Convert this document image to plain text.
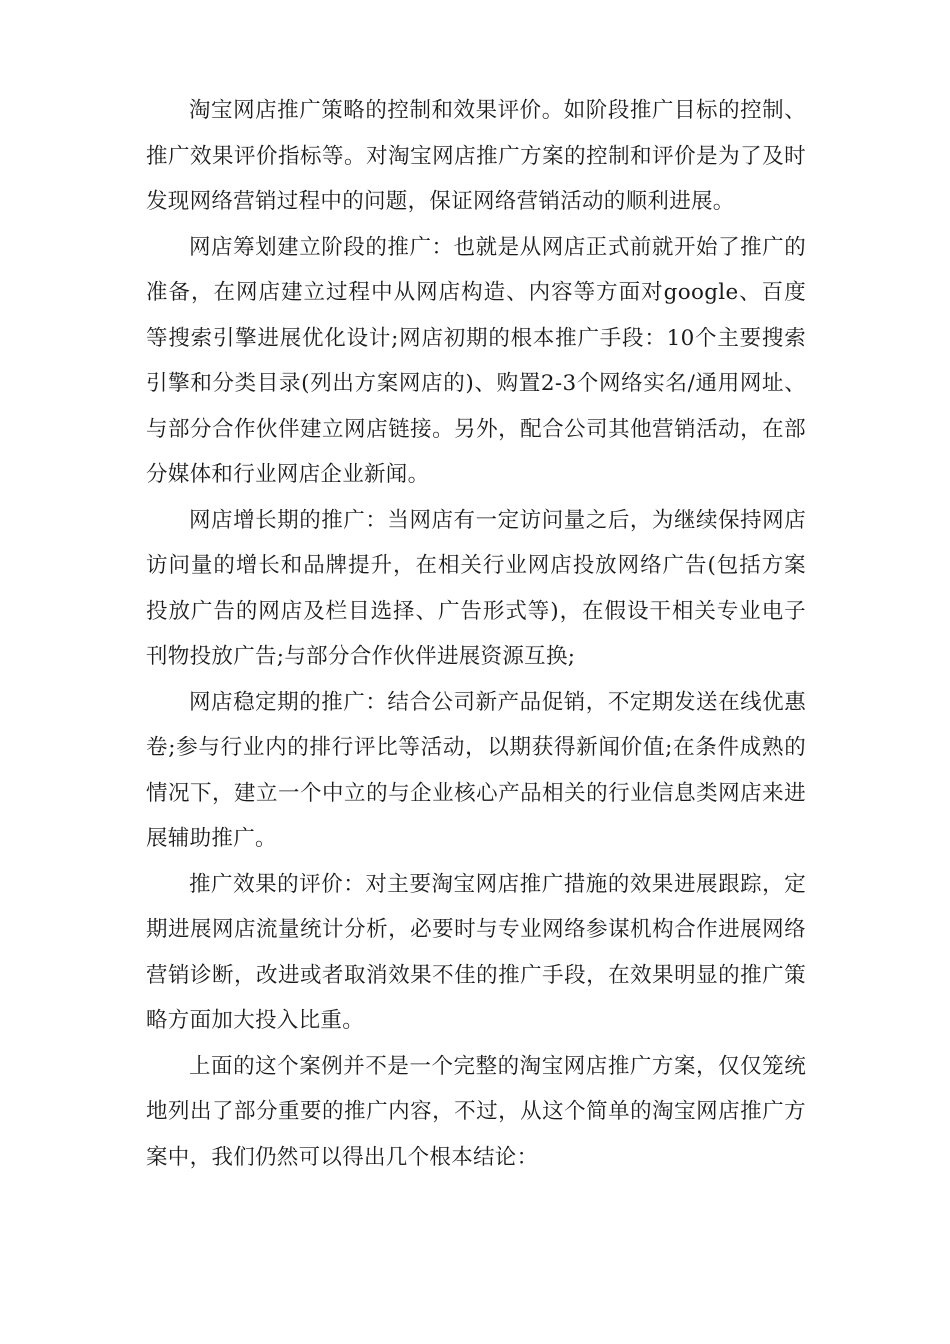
淘宝网店推广策略的控制和效果评价。如阶段推广目标的控制、推广效果评价指标等。对淘宝网店推广方案的控制和评价是为了及时发现网络营销过程中的问题，保证网络营销活动的顺利进展。

网店筹划建立阶段的推广：也就是从网店正式前就开始了推广的准备，在网店建立过程中从网店构造、内容等方面对google、百度等搜索引擎进展优化设计;网店初期的根本推广手段：10个主要搜索引擎和分类目录(列出方案网店的)、购置2-3个网络实名/通用网址、与部分合作伙伴建立网店链接。另外，配合公司其他营销活动，在部分媒体和行业网店企业新闻。

网店增长期的推广：当网店有一定访问量之后，为继续保持网店访问量的增长和品牌提升，在相关行业网店投放网络广告(包括方案投放广告的网店及栏目选择、广告形式等)，在假设干相关专业电子刊物投放广告;与部分合作伙伴进展资源互换;

网店稳定期的推广：结合公司新产品促销，不定期发送在线优惠卷;参与行业内的排行评比等活动，以期获得新闻价值;在条件成熟的情况下，建立一个中立的与企业核心产品相关的行业信息类网店来进展辅助推广。

推广效果的评价：对主要淘宝网店推广措施的效果进展跟踪，定期进展网店流量统计分析，必要时与专业网络参谋机构合作进展网络营销诊断，改进或者取消效果不佳的推广手段，在效果明显的推广策略方面加大投入比重。

上面的这个案例并不是一个完整的淘宝网店推广方案，仅仅笼统地列出了部分重要的推广内容，不过，从这个简单的淘宝网店推广方案中，我们仍然可以得出几个根本结论：
